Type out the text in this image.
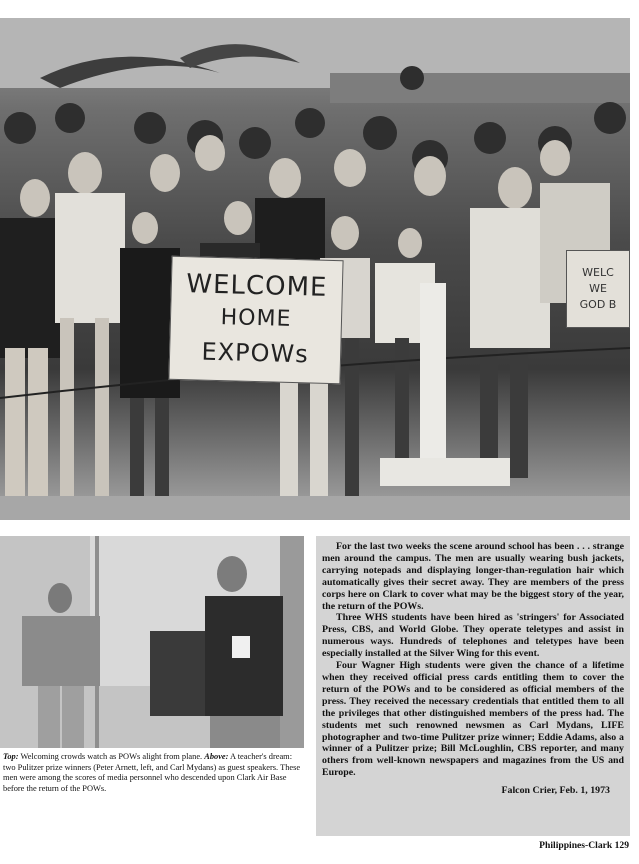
WELCOME
HOME
EXPOWs
WELC
WE
GOD B
Top: Welcoming crowds watch as POWs alight from plane. Above: A teacher's dream: two Pulitzer prize winners (Peter Arnett, left, and Carl Mydans) as guest speakers. These men were among the scores of media personnel who descended upon Clark Air Base before the return of the POWs.

For the last two weeks the scene around school has been . . . strange men around the campus. The men are usually wearing bush jackets, carrying notepads and displaying longer-than-regulation hair which automatically gives their secret away. They are members of the press corps here on Clark to cover what may be the biggest story of the year, the return of the POWs.

Three WHS students have been hired as 'stringers' for Associated Press, CBS, and World Globe. They operate teletypes and assist in numerous ways. Hundreds of telephones and teletypes have been especially installed at the Silver Wing for this event.

Four Wagner High students were given the chance of a lifetime when they received official press cards entitling them to cover the return of the POWs and to be considered as official members of the press. They received the necessary credentials that entitled them to all the privileges that other distinguished members of the press had. The students met such renowned newsmen as Carl Mydans, LIFE photographer and two-time Pulitzer prize winner; Eddie Adams, also a winner of a Pulitzer prize; Bill McLoughlin, CBS reporter, and many others from well-known newspapers and magazines from the US and Europe.

Falcon Crier, Feb. 1, 1973

Philippines-Clark 129
